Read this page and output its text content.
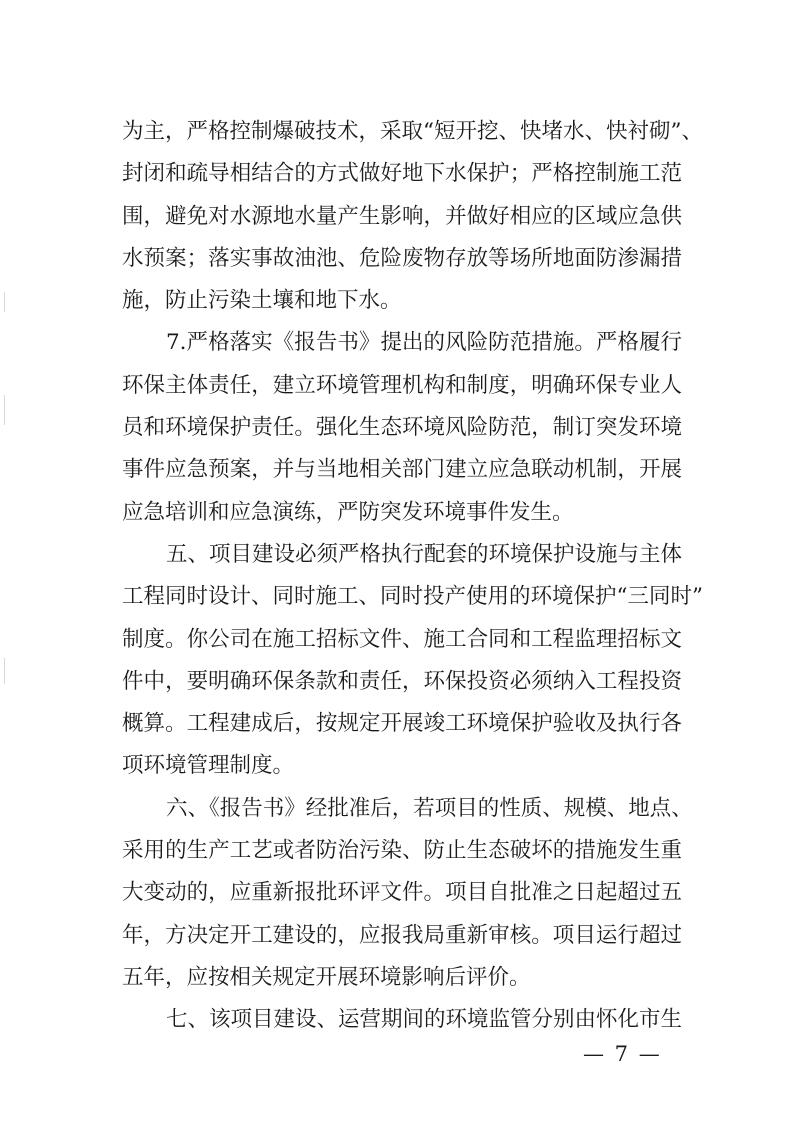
为主，严格控制爆破技术，采取“短开挖、快堵水、快衬砌”、
封闭和疏导相结合的方式做好地下水保护；严格控制施工范
围，避免对水源地水量产生影响，并做好相应的区域应急供
水预案；落实事故油池、危险废物存放等场所地面防渗漏措
施，防止污染土壤和地下水。
7.严格落实《报告书》提出的风险防范措施。严格履行
环保主体责任，建立环境管理机构和制度，明确环保专业人
员和环境保护责任。强化生态环境风险防范，制订突发环境
事件应急预案，并与当地相关部门建立应急联动机制，开展
应急培训和应急演练，严防突发环境事件发生。
五、项目建设必须严格执行配套的环境保护设施与主体
工程同时设计、同时施工、同时投产使用的环境保护“三同时”
制度。你公司在施工招标文件、施工合同和工程监理招标文
件中，要明确环保条款和责任，环保投资必须纳入工程投资
概算。工程建成后，按规定开展竣工环境保护验收及执行各
项环境管理制度。
六、《报告书》经批准后，若项目的性质、规模、地点、
采用的生产工艺或者防治污染、防止生态破坏的措施发生重
大变动的，应重新报批环评文件。项目自批准之日起超过五
年，方决定开工建设的，应报我局重新审核。项目运行超过
五年，应按相关规定开展环境影响后评价。
七、该项目建设、运营期间的环境监管分别由怀化市生
— 7 —
